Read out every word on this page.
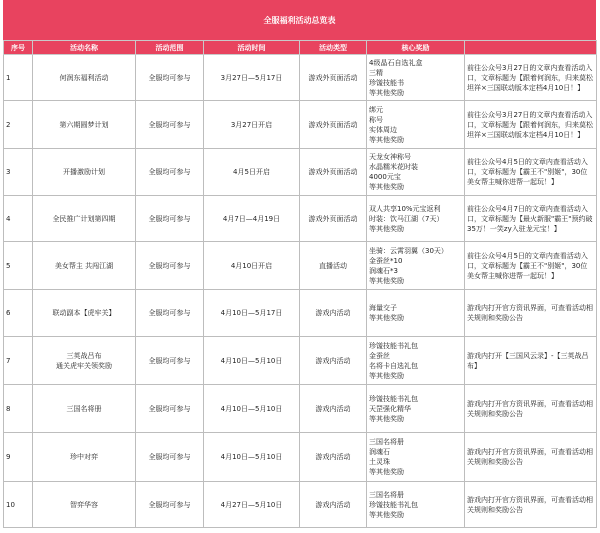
全服福利活动总览表
序号	活动名称	活动范围	活动时间	活动类型	核心奖励	
1	何润东福利活动	全服均可参与	3月27日—5月17日	游戏外页面活动	4级晶石自选礼盒
三精
珍馐技能书
等其他奖励	前往公众号3月27日的文章内查看活动入口，文章标题为【跟着何润东，归来莫松坦祥×三国联动版本定档4月10日！】

2	第六期圆梦计划	全服均可参与	3月27日开启	游戏外页面活动	绑元
称号
实体周边
等其他奖励	前往公众号3月27日的文章内查看活动入口，文章标题为【跟着何润东，归来莫松坦祥×三国联动版本定档4月10日！】

3	开播激励计划	全服均可参与	4月5日开启	游戏外页面活动	天龙女神称号
水晶糯米花时装
4000元宝
等其他奖励	前往公众号4月5日的文章内查看活动入口，文章标题为【霸王不"别姬"，30位美女帮主喊你进帮一起玩！】

4	全民推广计划第四期	全服均可参与	4月7日—4月19日	游戏外页面活动	双人共享10%元宝返利
时装：饮马江湖（7天）
等其他奖励	前往公众号4月7日的文章内查看活动入口，文章标题为【最火新服"霸王"预约破35万！一笑zy入驻龙元宝！】

5	美女帮主 共闯江湖	全服均可参与	4月10日开启	直播活动	坐骑：云霄羽翼（30天）
金蚕丝*10
润魂石*3
等其他奖励	前往公众号4月5日的文章内查看活动入口，文章标题为【霸王不"别姬"，30位美女帮主喊你进帮一起玩！】

6	联动副本【虎牢关】	全服均可参与	4月10日—5月17日	游戏内活动	海量交子
等其他奖励	游戏内打开官方资讯界面，可查看活动相关规则和奖励公告

7	三英战吕布
通关虎牢关领奖励	全服均可参与	4月10日—5月10日	游戏内活动	珍馐技能书礼包
金蚕丝
名将卡自选礼包
等其他奖励	游戏内打开【三国风云录】-【三英战吕布】

8	三国名将册	全服均可参与	4月10日—5月10日	游戏内活动	珍馐技能书礼包
天罡强化精华
等其他奖励	游戏内打开官方资讯界面，可查看活动相关规则和奖励公告

9	珍中对弈	全服均可参与	4月10日—5月10日	游戏内活动	三国名将册
润魂石
土灵珠
等其他奖励	游戏内打开官方资讯界面，可查看活动相关规则和奖励公告

10	智弈华容	全服均可参与	4月27日—5月10日	游戏内活动	三国名将册
珍馐技能书礼包
等其他奖励	游戏内打开官方资讯界面，可查看活动相关规则和奖励公告
